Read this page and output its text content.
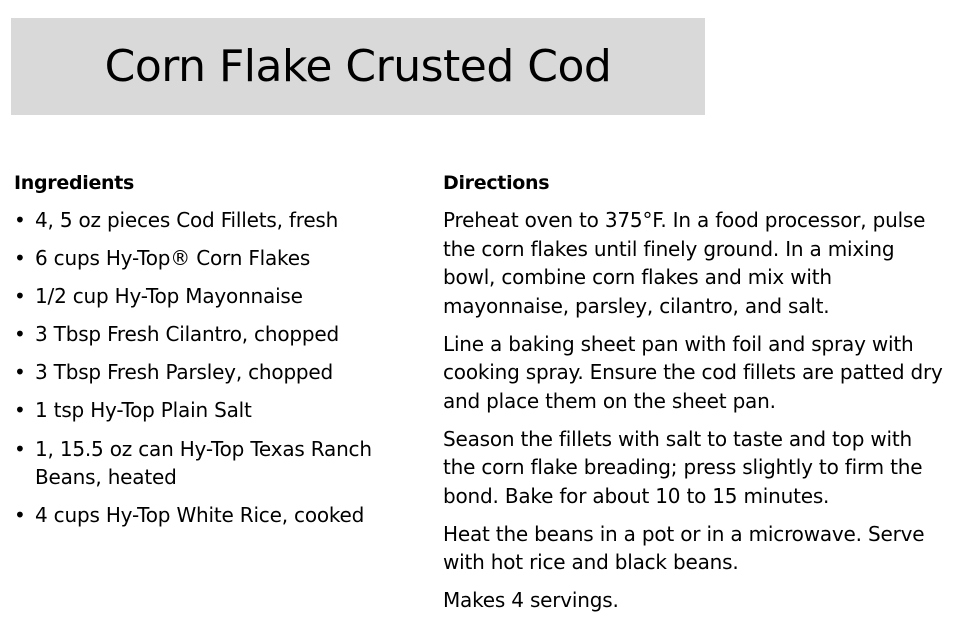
Corn Flake Crusted Cod
Ingredients
• 4, 5 oz pieces Cod Fillets, fresh
• 6 cups Hy-Top® Corn Flakes
• 1/2 cup Hy-Top Mayonnaise
• 3 Tbsp Fresh Cilantro, chopped
• 3 Tbsp Fresh Parsley, chopped
• 1 tsp Hy-Top Plain Salt
• 1, 15.5 oz can Hy-Top Texas Ranch Beans, heated
• 4 cups Hy-Top White Rice, cooked
Directions

Preheat oven to 375°F. In a food processor, pulse the corn flakes until finely ground. In a mixing bowl, combine corn flakes and mix with mayonnaise, parsley, cilantro, and salt.

Line a baking sheet pan with foil and spray with cooking spray. Ensure the cod fillets are patted dry and place them on the sheet pan.

Season the fillets with salt to taste and top with the corn flake breading; press slightly to firm the bond. Bake for about 10 to 15 minutes.

Heat the beans in a pot or in a microwave. Serve with hot rice and black beans.

Makes 4 servings.
